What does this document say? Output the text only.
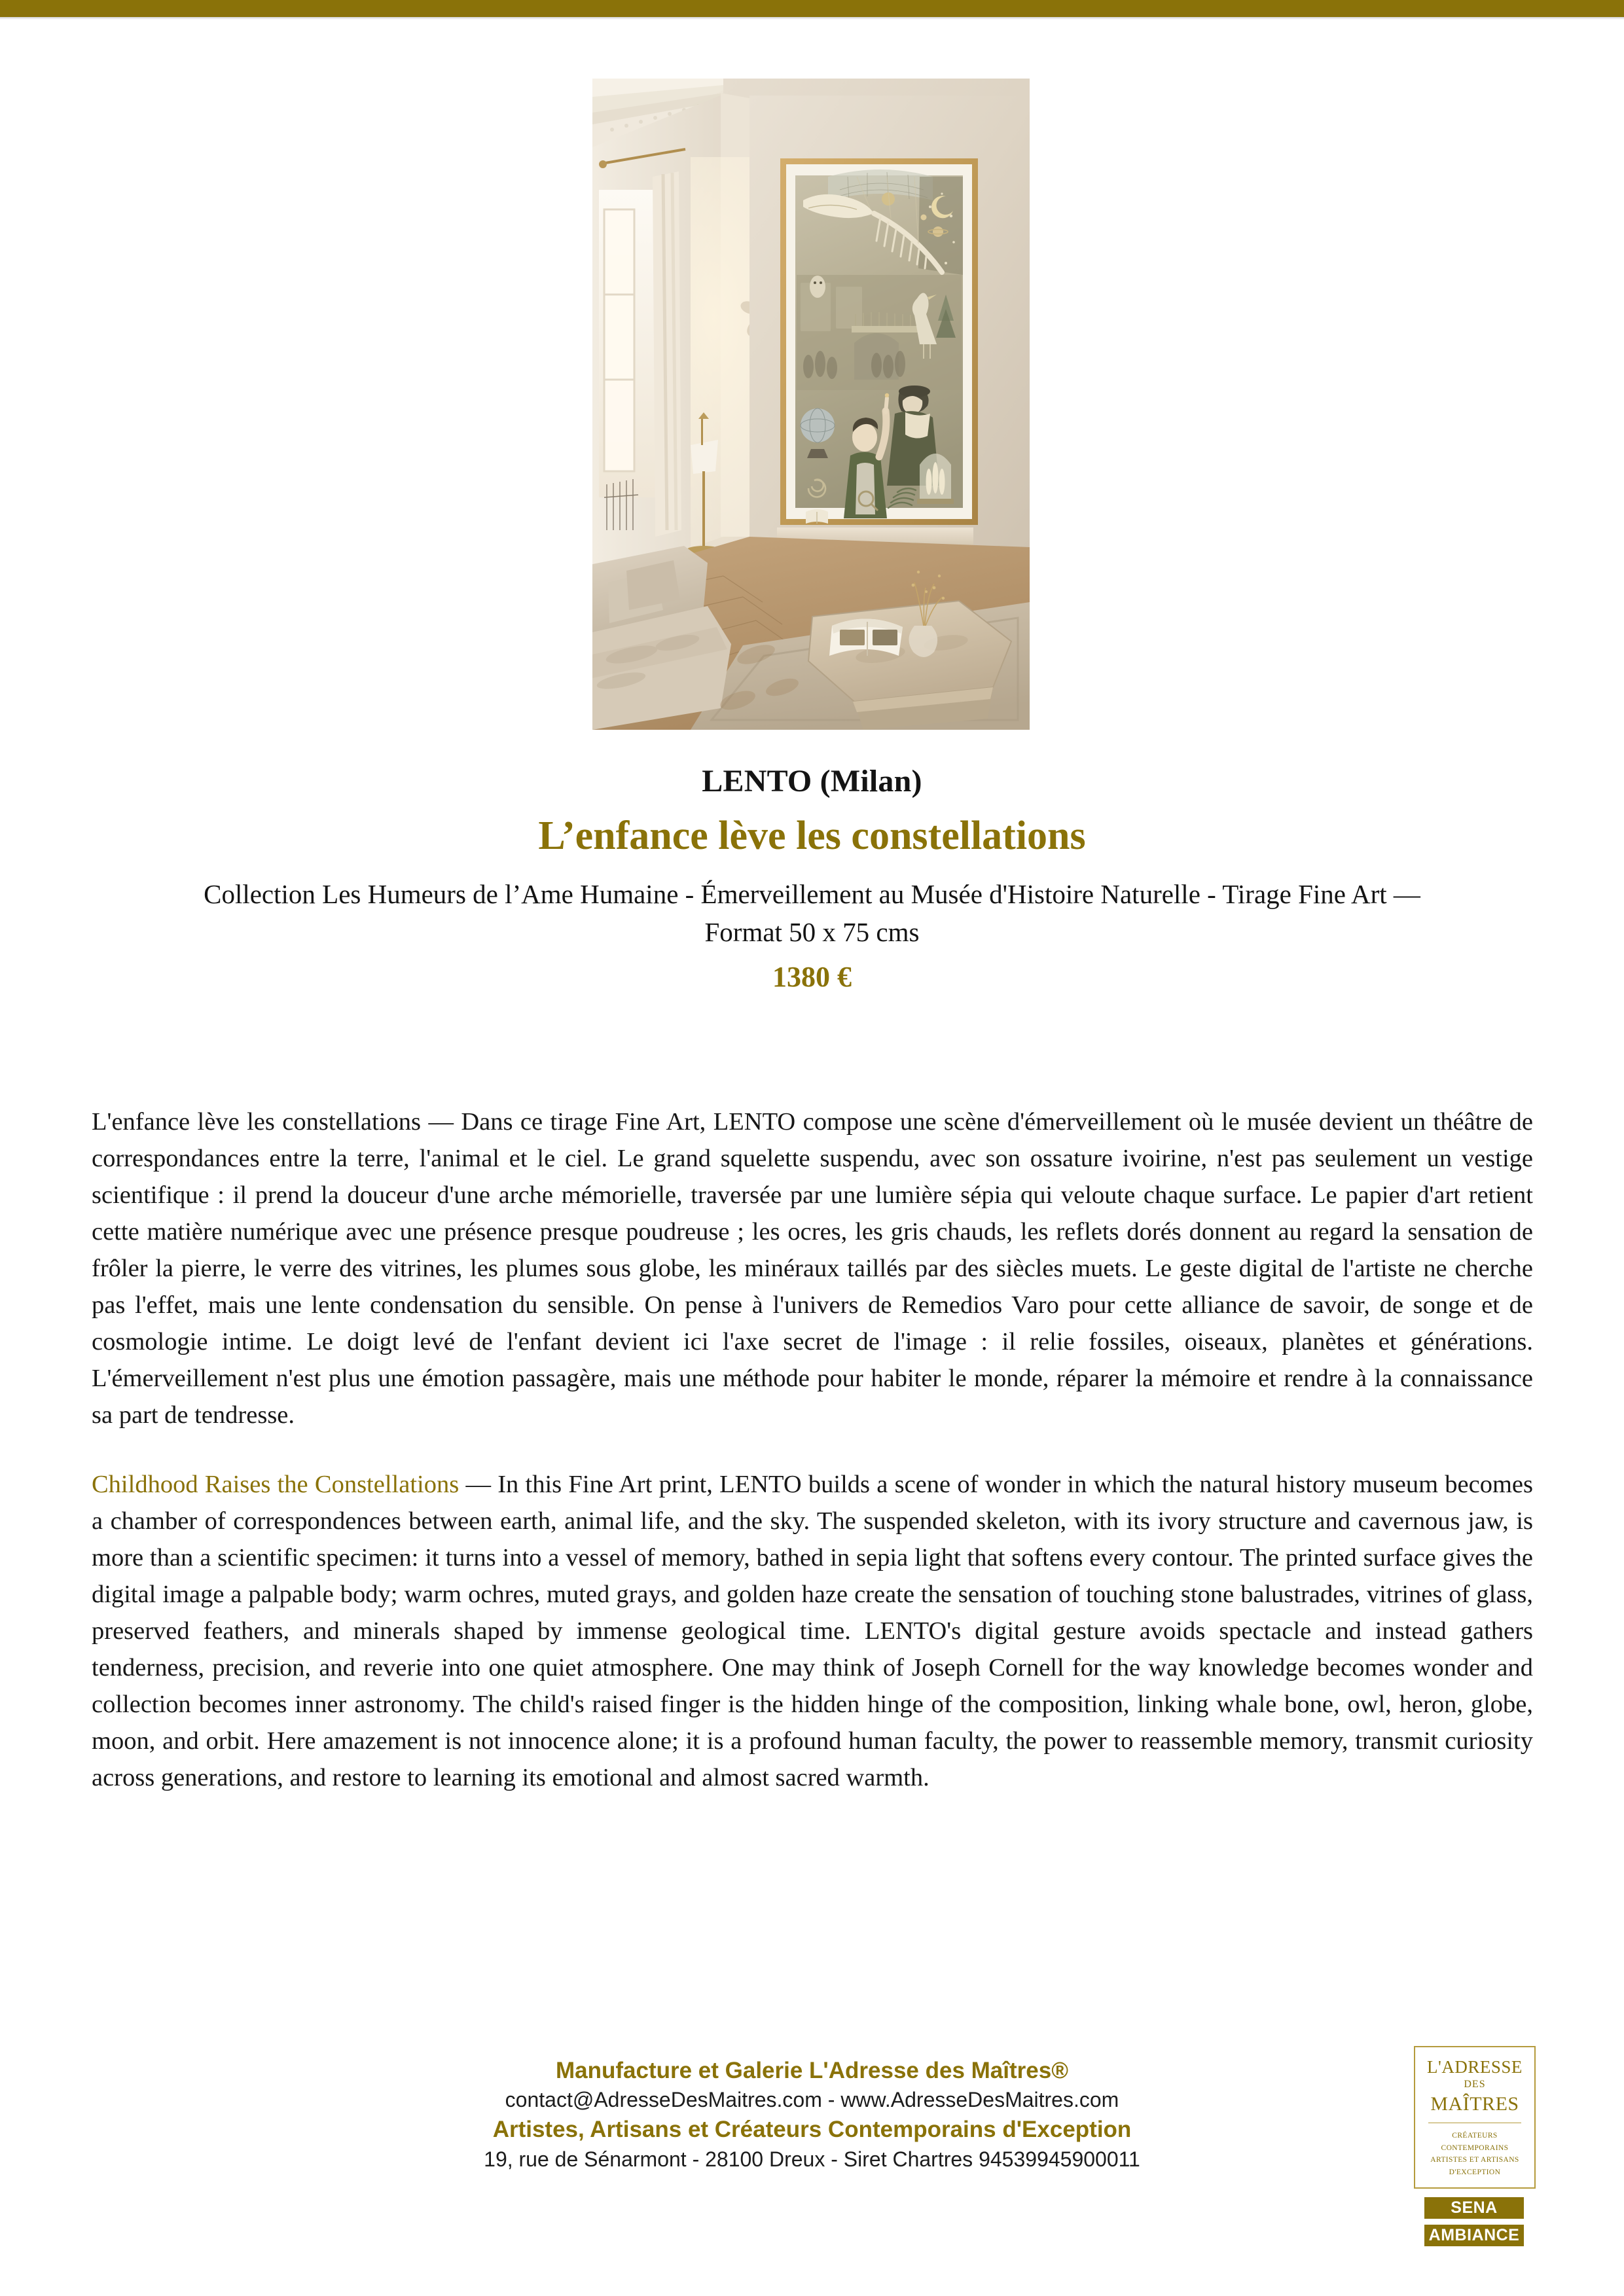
LENTO (Milan)
L’enfance lève les constellations
Collection Les Humeurs de l’Ame Humaine - Émerveillement au Musée d'Histoire Naturelle - Tirage Fine Art — Format 50 x 75 cms
1380 €

L'enfance lève les constellations — Dans ce tirage Fine Art, LENTO compose une scène d'émerveillement où le musée devient un théâtre de correspondances entre la terre, l'animal et le ciel. Le grand squelette suspendu, avec son ossature ivoirine, n'est pas seulement un vestige scientifique : il prend la douceur d'une arche mémorielle, traversée par une lumière sépia qui veloute chaque surface. Le papier d'art retient cette matière numérique avec une présence presque poudreuse ; les ocres, les gris chauds, les reflets dorés donnent au regard la sensation de frôler la pierre, le verre des vitrines, les plumes sous globe, les minéraux taillés par des siècles muets. Le geste digital de l'artiste ne cherche pas l'effet, mais une lente condensation du sensible. On pense à l'univers de Remedios Varo pour cette alliance de savoir, de songe et de cosmologie intime. Le doigt levé de l'enfant devient ici l'axe secret de l'image : il relie fossiles, oiseaux, planètes et générations. L'émerveillement n'est plus une émotion passagère, mais une méthode pour habiter le monde, réparer la mémoire et rendre à la connaissance sa part de tendresse.

Childhood Raises the Constellations — In this Fine Art print, LENTO builds a scene of wonder in which the natural history museum becomes a chamber of correspondences between earth, animal life, and the sky. The suspended skeleton, with its ivory structure and cavernous jaw, is more than a scientific specimen: it turns into a vessel of memory, bathed in sepia light that softens every contour. The printed surface gives the digital image a palpable body; warm ochres, muted grays, and golden haze create the sensation of touching stone balustrades, vitrines of glass, preserved feathers, and minerals shaped by immense geological time. LENTO's digital gesture avoids spectacle and instead gathers tenderness, precision, and reverie into one quiet atmosphere. One may think of Joseph Cornell for the way knowledge becomes wonder and collection becomes inner astronomy. The child's raised finger is the hidden hinge of the composition, linking whale bone, owl, heron, globe, moon, and orbit. Here amazement is not innocence alone; it is a profound human faculty, the power to reassemble memory, transmit curiosity across generations, and restore to learning its emotional and almost sacred warmth.

Manufacture et Galerie L'Adresse des Maîtres®
contact@AdresseDesMaitres.com - www.AdresseDesMaitres.com
Artistes, Artisans et Créateurs Contemporains d'Exception
19, rue de Sénarmont - 28100 Dreux - Siret Chartres 94539945900011
L'ADRESSE
DES
MAÎTRES
CRÉATEURS CONTEMPORAINS
ARTISTES ET ARTISANS
D'EXCEPTION
SENA
AMBIANCE
